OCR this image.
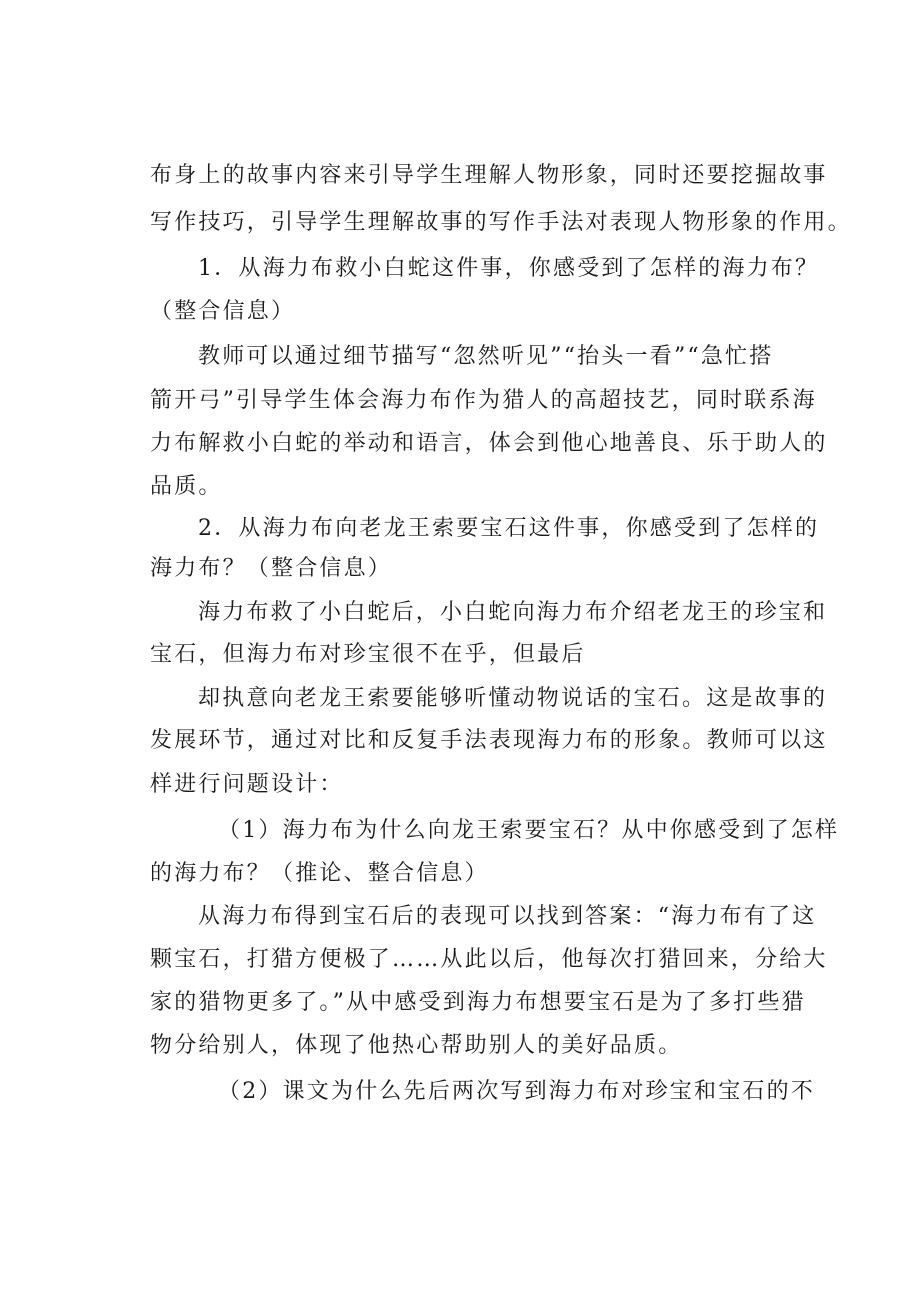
布身上的故事内容来引导学生理解人物形象，同时还要挖掘故事
写作技巧，引导学生理解故事的写作手法对表现人物形象的作用。
1．从海力布救小白蛇这件事，你感受到了怎样的海力布？
（整合信息）
教师可以通过细节描写“忽然听见”“抬头一看”“急忙搭
箭开弓”引导学生体会海力布作为猎人的高超技艺，同时联系海
力布解救小白蛇的举动和语言，体会到他心地善良、乐于助人的
品质。
2．从海力布向老龙王索要宝石这件事，你感受到了怎样的
海力布？（整合信息）
海力布救了小白蛇后，小白蛇向海力布介绍老龙王的珍宝和
宝石，但海力布对珍宝很不在乎，但最后
却执意向老龙王索要能够听懂动物说话的宝石。这是故事的
发展环节，通过对比和反复手法表现海力布的形象。教师可以这
样进行问题设计：
（1）海力布为什么向龙王索要宝石？从中你感受到了怎样
的海力布？（推论、整合信息）
从海力布得到宝石后的表现可以找到答案：“海力布有了这
颗宝石，打猎方便极了……从此以后，他每次打猎回来，分给大
家的猎物更多了。”从中感受到海力布想要宝石是为了多打些猎
物分给别人，体现了他热心帮助别人的美好品质。
（2）课文为什么先后两次写到海力布对珍宝和宝石的不
